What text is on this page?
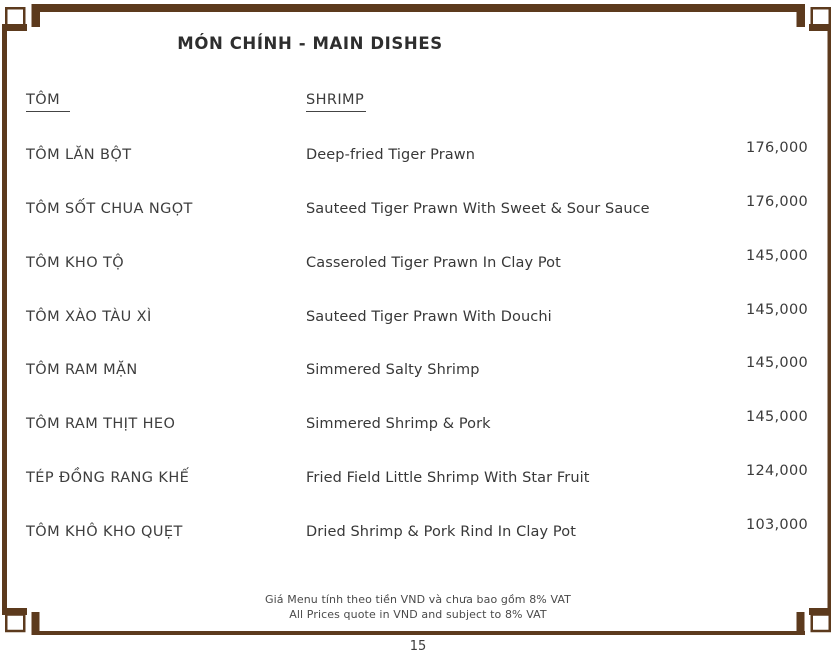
MÓN CHÍNH - MAIN DISHES
TÔM	SHRIMP
TÔM LĂN BỘT	Deep-fried Tiger Prawn	176,000
TÔM SỐT CHUA NGỌT	Sauteed Tiger Prawn With Sweet & Sour Sauce	176,000
TÔM KHO TỘ	Casseroled Tiger Prawn In Clay Pot	145,000
TÔM XÀO TÀU XÌ	Sauteed Tiger Prawn With Douchi	145,000
TÔM RAM MẶN	Simmered Salty Shrimp	145,000
TÔM RAM THỊT HEO	Simmered Shrimp & Pork	145,000
TÉP ĐỒNG RANG KHẾ	Fried Field Little Shrimp With Star Fruit	124,000
TÔM KHÔ KHO QUẸT	Dried Shrimp & Pork Rind In Clay Pot	103,000
Giá Menu tính theo tiền VND và chưa bao gồm 8% VAT
All Prices quote in VND and subject to 8% VAT
15
